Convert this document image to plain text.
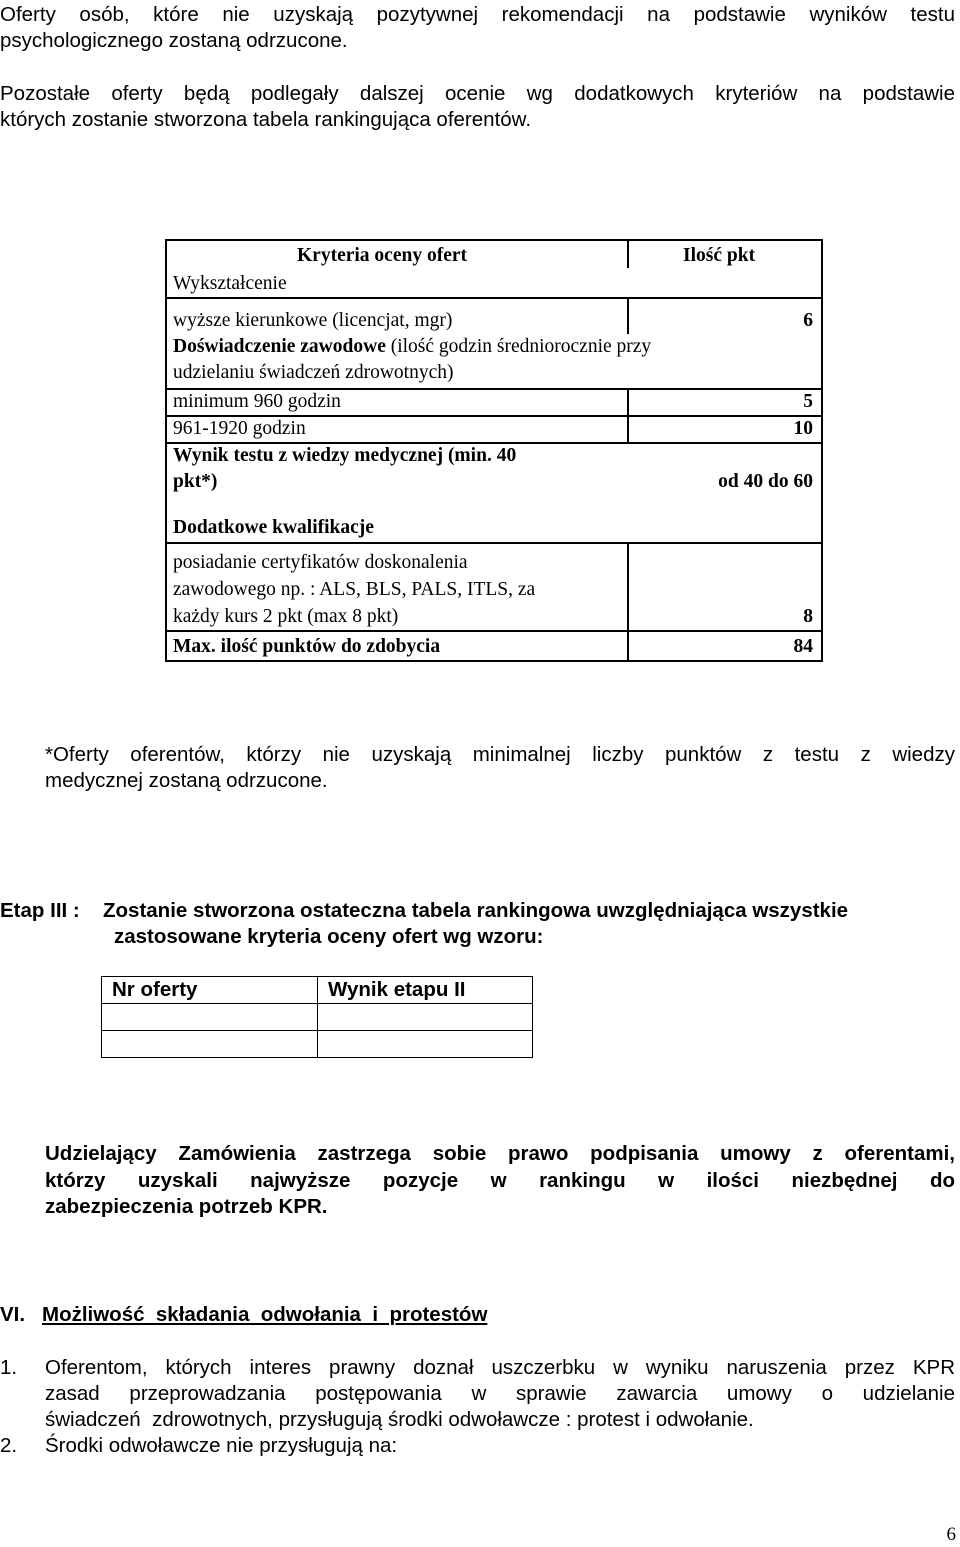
Oferty osób, które nie uzyskają pozytywnej rekomendacji na podstawie wyników testu
psychologicznego zostaną odrzucone.
Pozostałe oferty będą podlegały dalszej ocenie wg dodatkowych kryteriów na podstawie
których zostanie stworzona tabela rankingująca oferentów.
Kryteria oceny ofert	Ilość pkt
Wykształcenie
wyższe kierunkowe (licencjat, mgr)	6
Doświadczenie zawodowe (ilość godzin średniorocznie przy
udzielaniu świadczeń zdrowotnych)
minimum 960 godzin	5
961-1920 godzin	10
Wynik testu z wiedzy medycznej (min. 40
pkt*)	od 40 do 60
Dodatkowe kwalifikacje
posiadanie certyfikatów doskonalenia
zawodowego np. : ALS, BLS, PALS, ITLS, za
każdy kurs 2 pkt (max 8 pkt)	8
Max. ilość punktów do zdobycia	84
*Oferty oferentów, którzy nie uzyskają minimalnej liczby punktów z testu z wiedzy
medycznej zostaną odrzucone.
Etap III : Zostanie stworzona ostateczna tabela rankingowa uwzględniająca wszystkie
zastosowane kryteria oceny ofert wg wzoru:
Nr oferty	Wynik etapu II

Udzielający Zamówienia zastrzega sobie prawo podpisania umowy z oferentami,
którzy uzyskali najwyższe pozycje w rankingu w ilości niezbędnej do
zabezpieczenia potrzeb KPR.
VI. Możliwość  składania  odwołania  i  protestów
1. Oferentom, których interes prawny doznał uszczerbku w wyniku naruszenia przez KPR
zasad przeprowadzania postępowania w sprawie zawarcia umowy o udzielanie
świadczeń  zdrowotnych, przysługują środki odwoławcze : protest i odwołanie.
2. Środki odwoławcze nie przysługują na:
6
